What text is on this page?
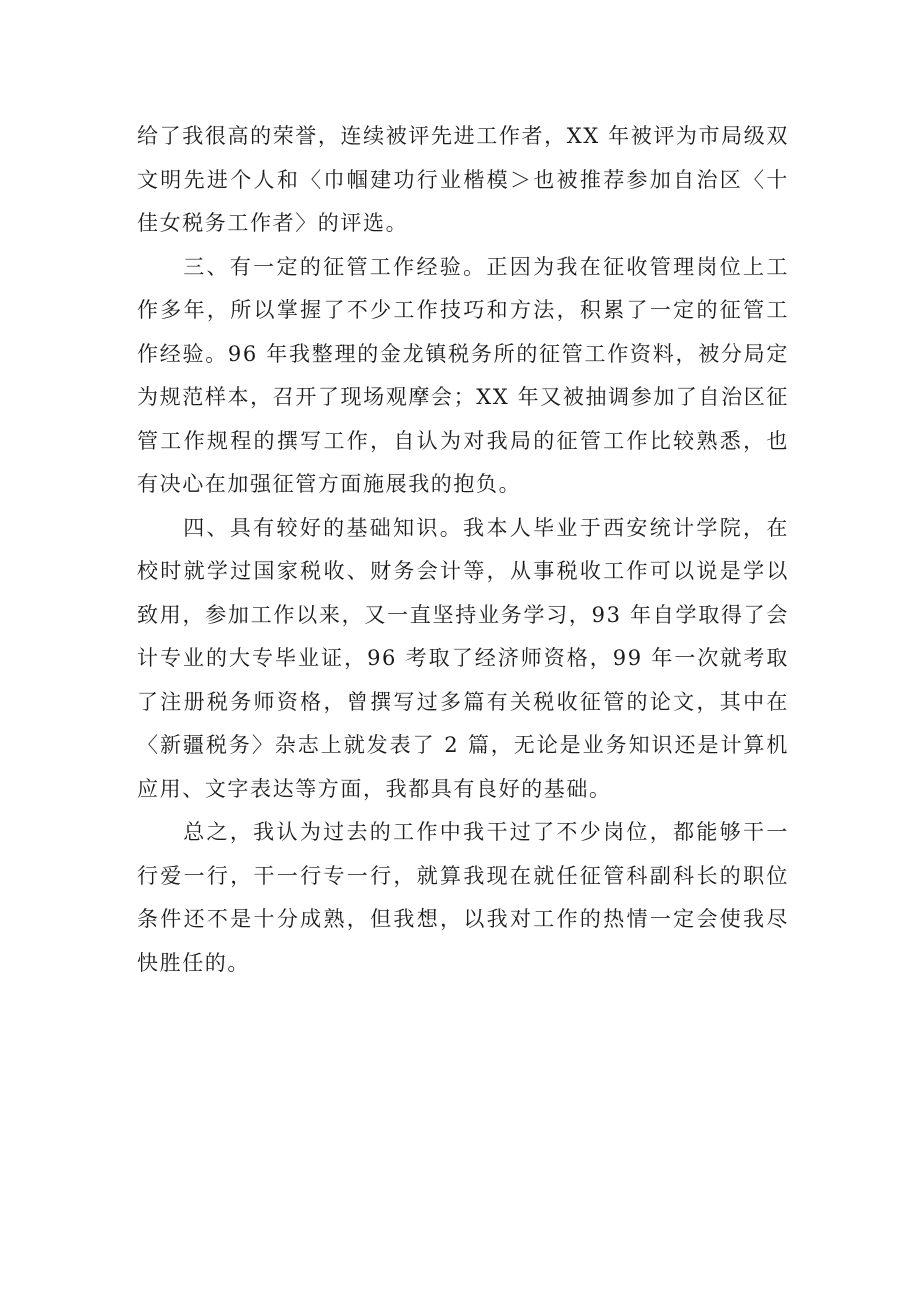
给了我很高的荣誉，连续被评先进工作者，XX 年被评为市局级双文明先进个人和〈巾帼建功行业楷模＞也被推荐参加自治区〈十佳女税务工作者〉的评选。

三、有一定的征管工作经验。正因为我在征收管理岗位上工作多年，所以掌握了不少工作技巧和方法，积累了一定的征管工作经验。96 年我整理的金龙镇税务所的征管工作资料，被分局定为规范样本，召开了现场观摩会；XX 年又被抽调参加了自治区征管工作规程的撰写工作，自认为对我局的征管工作比较熟悉，也有决心在加强征管方面施展我的抱负。

四、具有较好的基础知识。我本人毕业于西安统计学院，在校时就学过国家税收、财务会计等，从事税收工作可以说是学以致用，参加工作以来，又一直坚持业务学习，93 年自学取得了会计专业的大专毕业证，96 考取了经济师资格，99 年一次就考取了注册税务师资格，曾撰写过多篇有关税收征管的论文，其中在〈新疆税务〉杂志上就发表了 2 篇，无论是业务知识还是计算机应用、文字表达等方面，我都具有良好的基础。

总之，我认为过去的工作中我干过了不少岗位，都能够干一行爱一行，干一行专一行，就算我现在就任征管科副科长的职位条件还不是十分成熟，但我想，以我对工作的热情一定会使我尽快胜任的。
